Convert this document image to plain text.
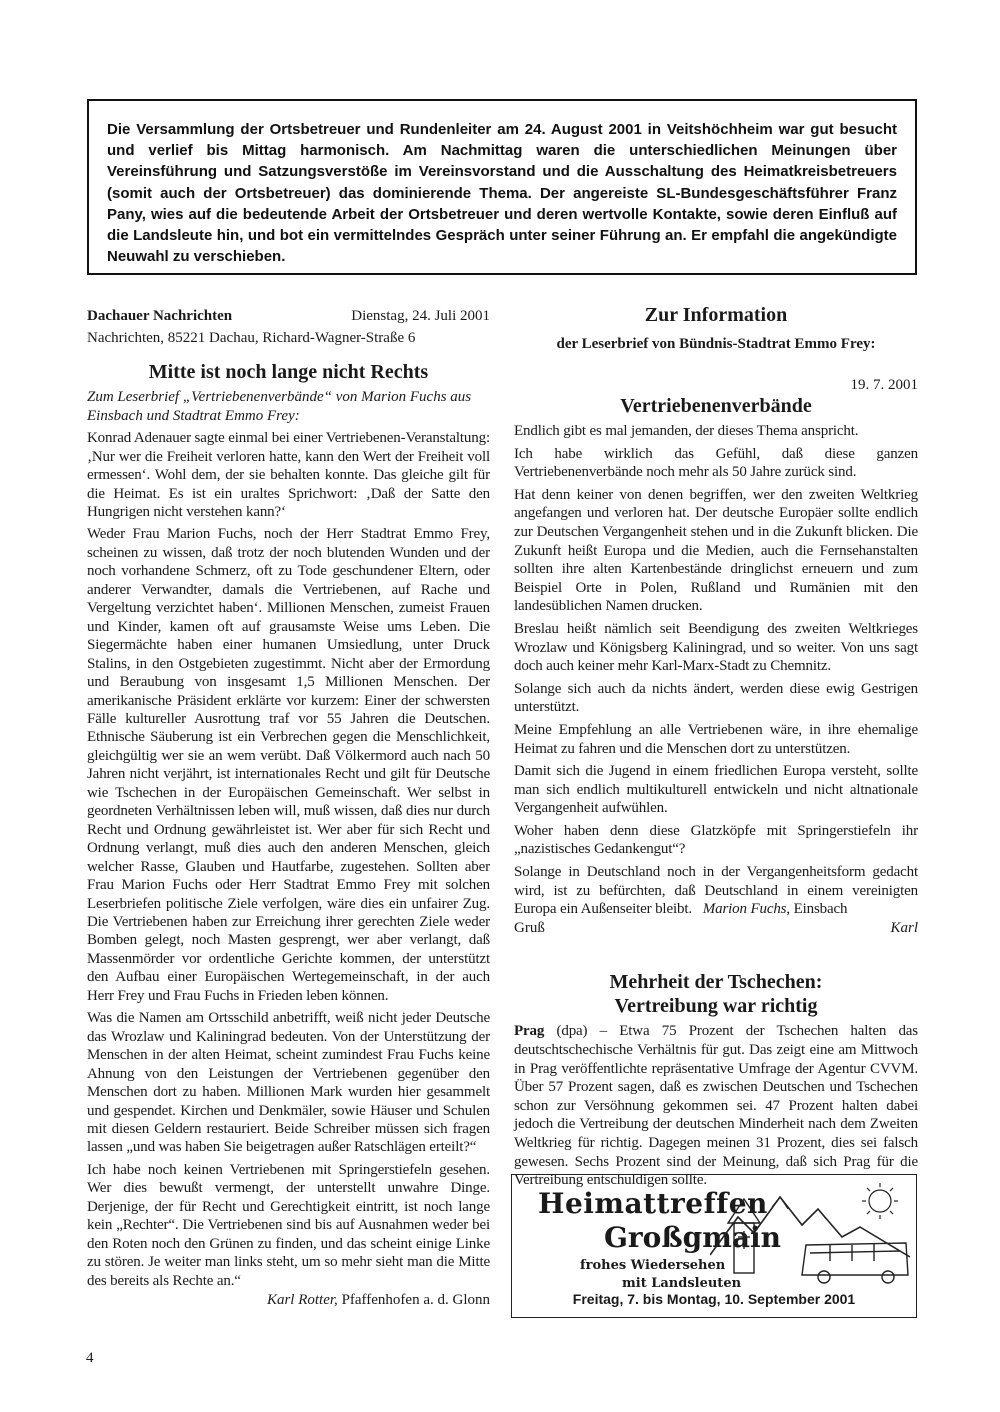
Die Versammlung der Ortsbetreuer und Rundenleiter am 24. August 2001 in Veitshöchheim war gut besucht und verlief bis Mittag harmonisch. Am Nachmittag waren die unterschiedlichen Meinungen über Vereinsführung und Satzungsverstöße im Vereinsvorstand und die Ausschaltung des Heimatkreisbetreuers (somit auch der Ortsbetreuer) das dominierende Thema. Der angereiste SL-Bundesgeschäftsführer Franz Pany, wies auf die bedeutende Arbeit der Ortsbetreuer und deren wertvolle Kontakte, sowie deren Einfluß auf die Landsleute hin, und bot ein vermittelndes Gespräch unter seiner Führung an. Er empfahl die angekündigte Neuwahl zu verschieben.

Dachauer Nachrichten	Dienstag, 24. Juli 2001
Nachrichten, 85221 Dachau, Richard-Wagner-Straße 6
Mitte ist noch lange nicht Rechts
Zum Leserbrief „Vertriebenenverbände“ von Marion Fuchs aus Einsbach und Stadtrat Emmo Frey:

Konrad Adenauer sagte einmal bei einer Vertriebenen-Veranstaltung: ‚Nur wer die Freiheit verloren hatte, kann den Wert der Freiheit voll ermessen‘. Wohl dem, der sie behalten konnte. Das gleiche gilt für die Heimat. Es ist ein uraltes Sprichwort: ‚Daß der Satte den Hungrigen nicht verstehen kann?‘

Weder Frau Marion Fuchs, noch der Herr Stadtrat Emmo Frey, scheinen zu wissen, daß trotz der noch blutenden Wunden und der noch vorhandene Schmerz, oft zu Tode geschundener Eltern, oder anderer Verwandter, damals die Vertriebenen, auf Rache und Vergeltung verzichtet haben‘. Millionen Menschen, zumeist Frauen und Kinder, kamen oft auf grausamste Weise ums Leben. Die Siegermächte haben einer humanen Umsiedlung, unter Druck Stalins, in den Ostgebieten zugestimmt. Nicht aber der Ermordung und Beraubung von insgesamt 1,5 Millionen Menschen. Der amerikanische Präsident erklärte vor kurzem: Einer der schwersten Fälle kultureller Ausrottung traf vor 55 Jahren die Deutschen. Ethnische Säuberung ist ein Verbrechen gegen die Menschlichkeit, gleichgültig wer sie an wem verübt. Daß Völkermord auch nach 50 Jahren nicht verjährt, ist internationales Recht und gilt für Deutsche wie Tschechen in der Europäischen Gemeinschaft. Wer selbst in geordneten Verhältnissen leben will, muß wissen, daß dies nur durch Recht und Ordnung gewährleistet ist. Wer aber für sich Recht und Ordnung verlangt, muß dies auch den anderen Menschen, gleich welcher Rasse, Glauben und Hautfarbe, zugestehen. Sollten aber Frau Marion Fuchs oder Herr Stadtrat Emmo Frey mit solchen Leserbriefen politische Ziele verfolgen, wäre dies ein unfairer Zug. Die Vertriebenen haben zur Erreichung ihrer gerechten Ziele weder Bomben gelegt, noch Masten gesprengt, wer aber verlangt, daß Massenmörder vor ordentliche Gerichte kommen, der unterstützt den Aufbau einer Europäischen Wertegemeinschaft, in der auch Herr Frey und Frau Fuchs in Frieden leben können.

Was die Namen am Ortsschild anbetrifft, weiß nicht jeder Deutsche das Wrozlaw und Kaliningrad bedeuten. Von der Unterstützung der Menschen in der alten Heimat, scheint zumindest Frau Fuchs keine Ahnung von den Leistungen der Vertriebenen gegenüber den Menschen dort zu haben. Millionen Mark wurden hier gesammelt und gespendet. Kirchen und Denkmäler, sowie Häuser und Schulen mit diesen Geldern restauriert. Beide Schreiber müssen sich fragen lassen „und was haben Sie beigetragen außer Ratschlägen erteilt?“

Ich habe noch keinen Vertriebenen mit Springerstiefeln gesehen. Wer dies bewußt vermengt, der unterstellt unwahre Dinge. Derjenige, der für Recht und Gerechtigkeit eintritt, ist noch lange kein „Rechter“. Die Vertriebenen sind bis auf Ausnahmen weder bei den Roten noch den Grünen zu finden, und das scheint einige Linke zu stören. Je weiter man links steht, um so mehr sieht man die Mitte des bereits als Rechte an.“

Karl Rotter, Pfaffenhofen a. d. Glonn
Zur Information
der Leserbrief von Bündnis-Stadtrat Emmo Frey:
19. 7. 2001
Vertriebenenverbände

Endlich gibt es mal jemanden, der dieses Thema anspricht.

Ich habe wirklich das Gefühl, daß diese ganzen Vertriebenenverbände noch mehr als 50 Jahre zurück sind.

Hat denn keiner von denen begriffen, wer den zweiten Weltkrieg angefangen und verloren hat. Der deutsche Europäer sollte endlich zur Deutschen Vergangenheit stehen und in die Zukunft blicken. Die Zukunft heißt Europa und die Medien, auch die Fernsehanstalten sollten ihre alten Kartenbestände dringlichst erneuern und zum Beispiel Orte in Polen, Rußland und Rumänien mit den landesüblichen Namen drucken.

Breslau heißt nämlich seit Beendigung des zweiten Weltkrieges Wrozlaw und Königsberg Kaliningrad, und so weiter. Von uns sagt doch auch keiner mehr Karl-Marx-Stadt zu Chemnitz.

Solange sich auch da nichts ändert, werden diese ewig Gestrigen unterstützt.

Meine Empfehlung an alle Vertriebenen wäre, in ihre ehemalige Heimat zu fahren und die Menschen dort zu unterstützen.

Damit sich die Jugend in einem friedlichen Europa versteht, sollte man sich endlich multikulturell entwickeln und nicht altnationale Vergangenheit aufwühlen.

Woher haben denn diese Glatzköpfe mit Springerstiefeln ihr „nazistisches Gedankengut“?

Solange in Deutschland noch in der Vergangenheitsform gedacht wird, ist zu befürchten, daß Deutschland in einem vereinigten Europa ein Außenseiter bleibt. Marion Fuchs, Einsbach

Gruß	Karl
Mehrheit der Tschechen:
Vertreibung war richtig

Prag (dpa) – Etwa 75 Prozent der Tschechen halten das deutschtschechische Verhältnis für gut. Das zeigt eine am Mittwoch in Prag veröffentlichte repräsentative Umfrage der Agentur CVVM. Über 57 Prozent sagen, daß es zwischen Deutschen und Tschechen schon zur Versöhnung gekommen sei. 47 Prozent halten dabei jedoch die Vertreibung der deutschen Minderheit nach dem Zweiten Weltkrieg für richtig. Dagegen meinen 31 Prozent, dies sei falsch gewesen. Sechs Prozent sind der Meinung, daß sich Prag für die Vertreibung entschuldigen sollte.

Heimattreffen
Großgmain
frohes Wiedersehen
mit Landsleuten
Freitag, 7. bis Montag, 10. September 2001
4
